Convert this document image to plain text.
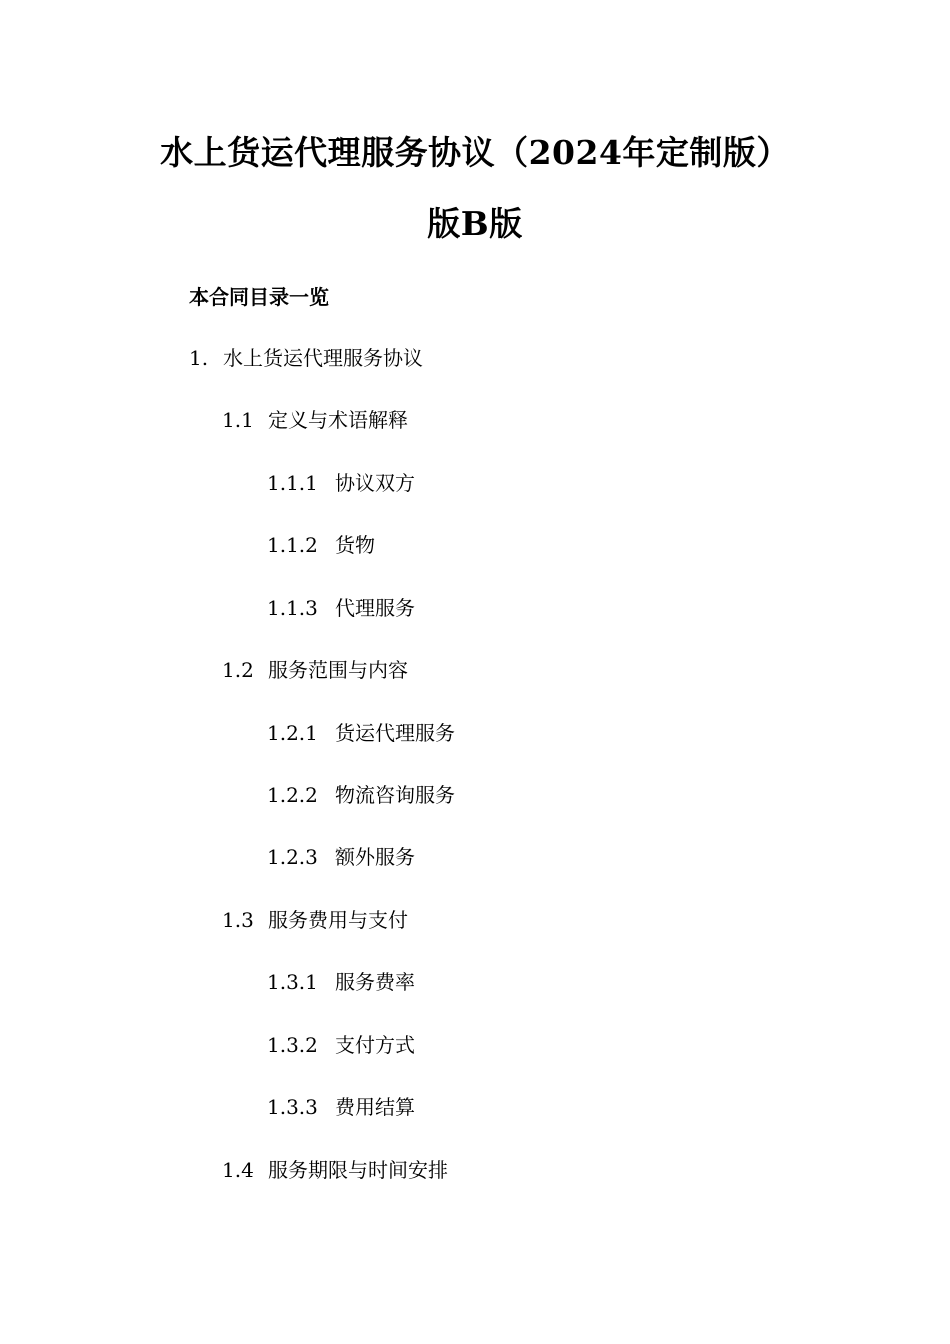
水上货运代理服务协议（2024年定制版）
版B版
本合同目录一览
1. 水上货运代理服务协议
1.1 定义与术语解释
1.1.1 协议双方
1.1.2 货物
1.1.3 代理服务
1.2 服务范围与内容
1.2.1 货运代理服务
1.2.2 物流咨询服务
1.2.3 额外服务
1.3 服务费用与支付
1.3.1 服务费率
1.3.2 支付方式
1.3.3 费用结算
1.4 服务期限与时间安排
